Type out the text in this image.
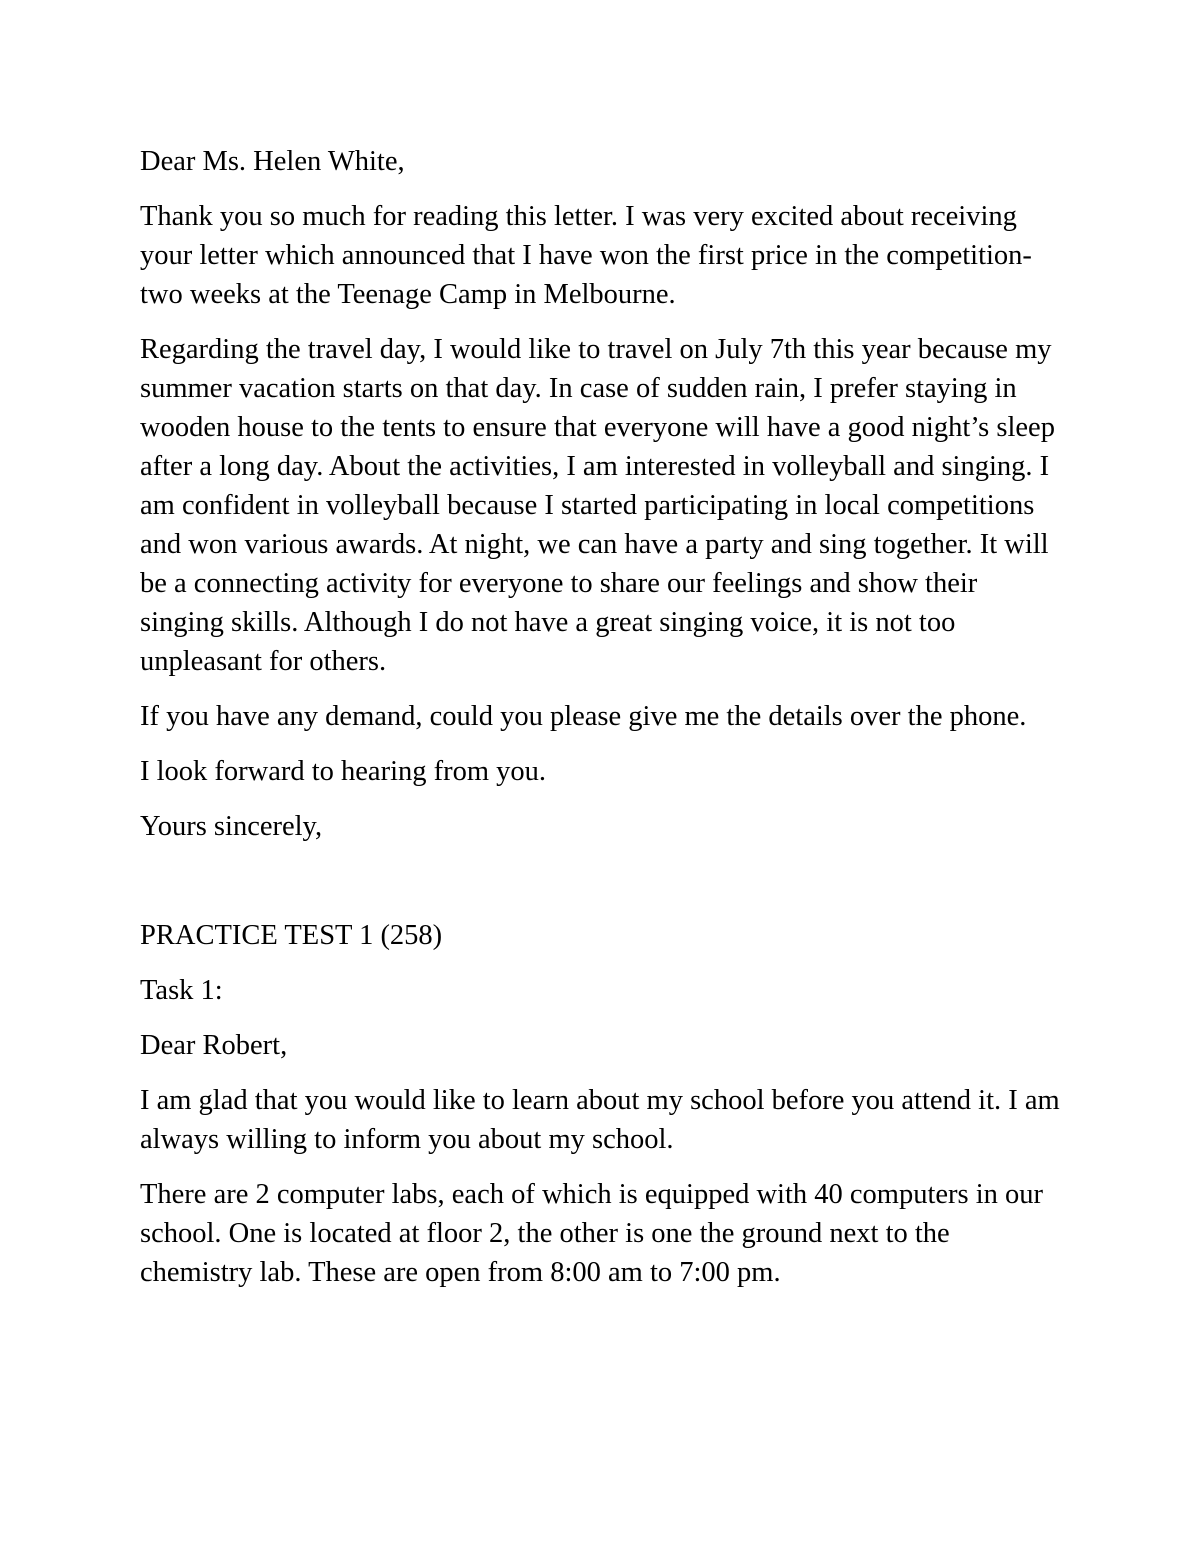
Dear Ms. Helen White,

Thank you so much for reading this letter. I was very excited about receiving your letter which announced that I have won the first price in the competition- two weeks at the Teenage Camp in Melbourne.

Regarding the travel day, I would like to travel on July 7th this year because my summer vacation starts on that day. In case of sudden rain, I prefer staying in wooden house to the tents to ensure that everyone will have a good night’s sleep after a long day. About the activities, I am interested in volleyball and singing. I am confident in volleyball because I started participating in local competitions and won various awards. At night, we can have a party and sing together. It will be a connecting activity for everyone to share our feelings and show their singing skills. Although I do not have a great singing voice, it is not too unpleasant for others.

If you have any demand, could you please give me the details over the phone.

I look forward to hearing from you.

Yours sincerely,

PRACTICE TEST 1 (258)

Task 1:

Dear Robert,

I am glad that you would like to learn about my school before you attend it. I am always willing to inform you about my school.

There are 2 computer labs, each of which is equipped with 40 computers in our school. One is located at floor 2, the other is one the ground next to the chemistry lab. These are open from 8:00 am to 7:00 pm.
